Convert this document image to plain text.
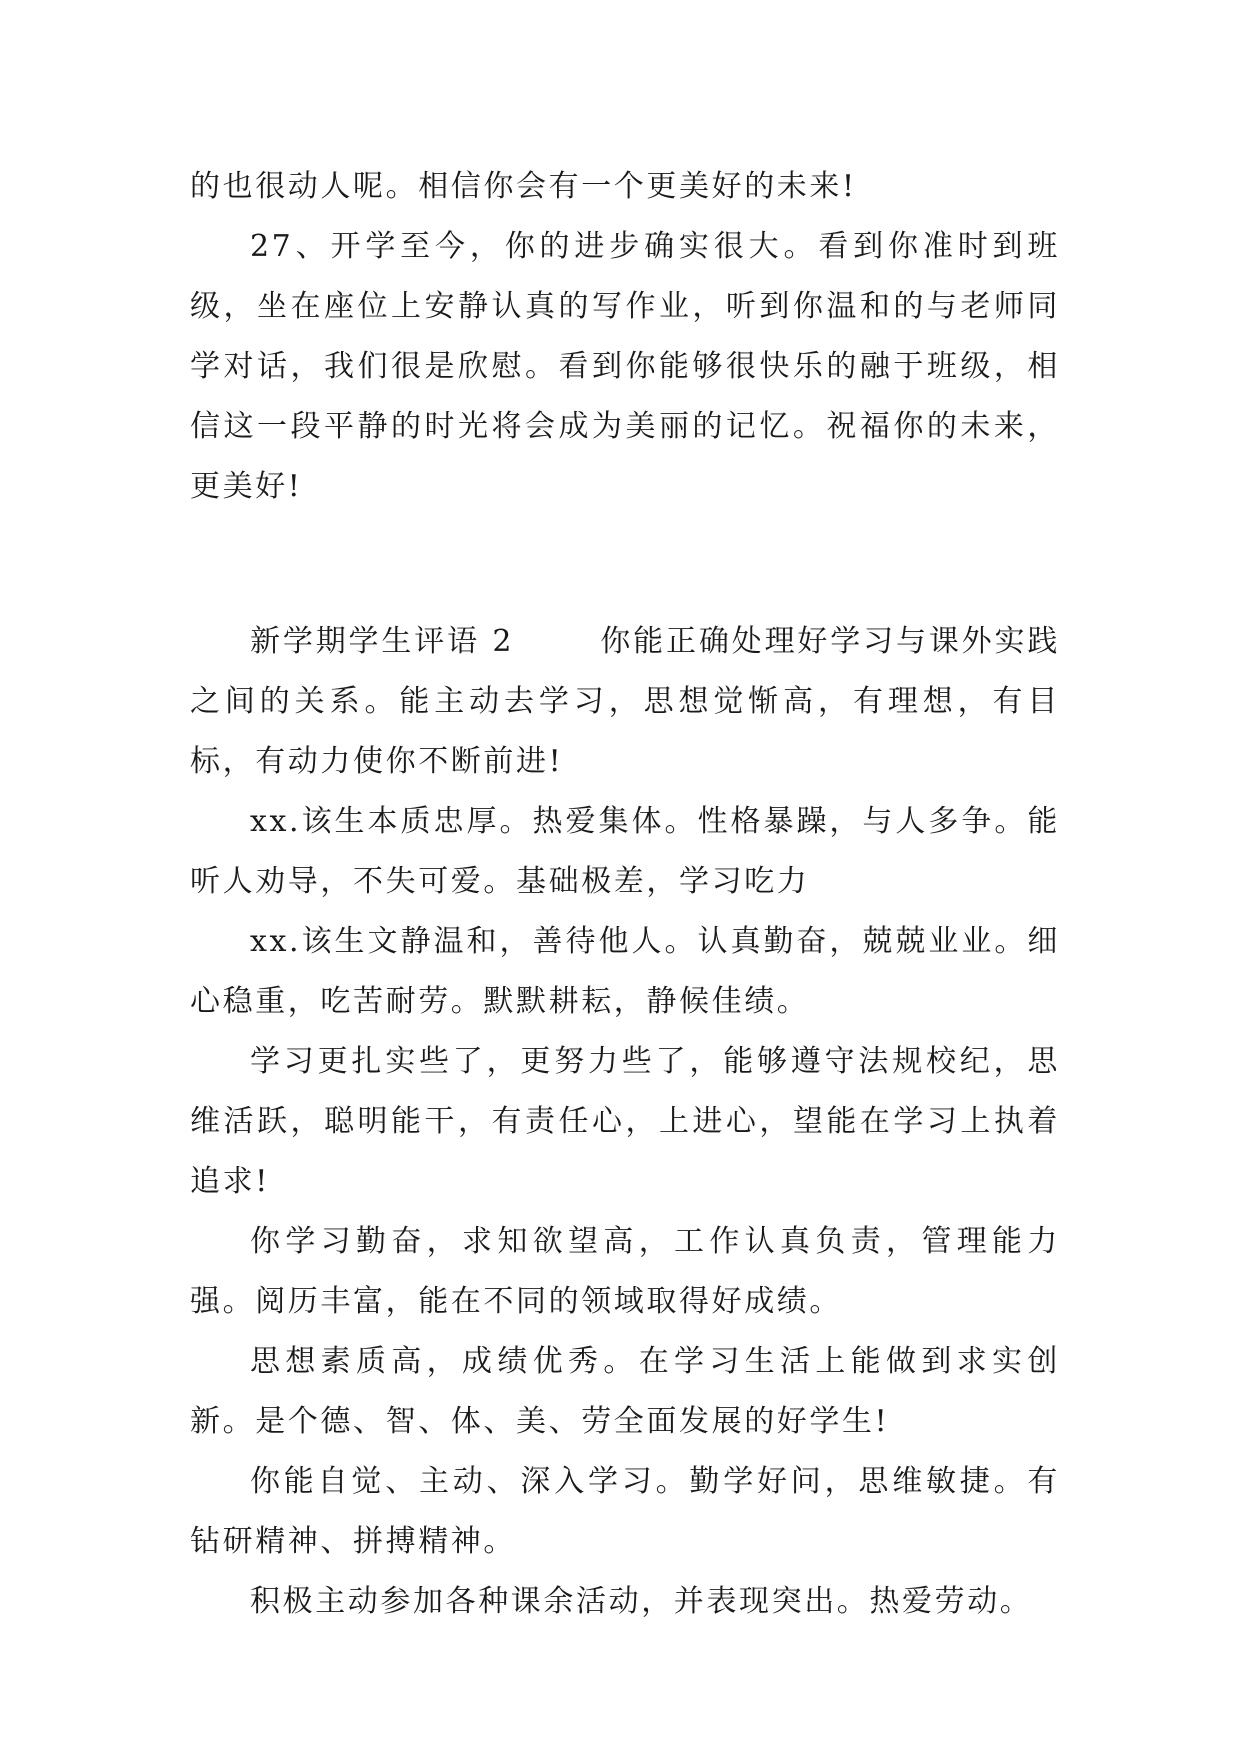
的也很动人呢。相信你会有一个更美好的未来!

27、开学至今，你的进步确实很大。看到你准时到班级，坐在座位上安静认真的写作业，听到你温和的与老师同学对话，我们很是欣慰。看到你能够很快乐的融于班级，相信这一段平静的时光将会成为美丽的记忆。祝福你的未来，更美好!

新学期学生评语 2	你能正确处理好学习与课外实践之间的关系。能主动去学习，思想觉惭高，有理想，有目标，有动力使你不断前进!

xx.该生本质忠厚。热爱集体。性格暴躁，与人多争。能听人劝导，不失可爱。基础极差，学习吃力

xx.该生文静温和，善待他人。认真勤奋，兢兢业业。细心稳重，吃苦耐劳。默默耕耘，静候佳绩。

学习更扎实些了，更努力些了，能够遵守法规校纪，思维活跃，聪明能干，有责任心，上进心，望能在学习上执着追求!

你学习勤奋，求知欲望高，工作认真负责，管理能力强。阅历丰富，能在不同的领域取得好成绩。

思想素质高，成绩优秀。在学习生活上能做到求实创新。是个德、智、体、美、劳全面发展的好学生!

你能自觉、主动、深入学习。勤学好问，思维敏捷。有钻研精神、拼搏精神。

积极主动参加各种课余活动，并表现突出。热爱劳动。
